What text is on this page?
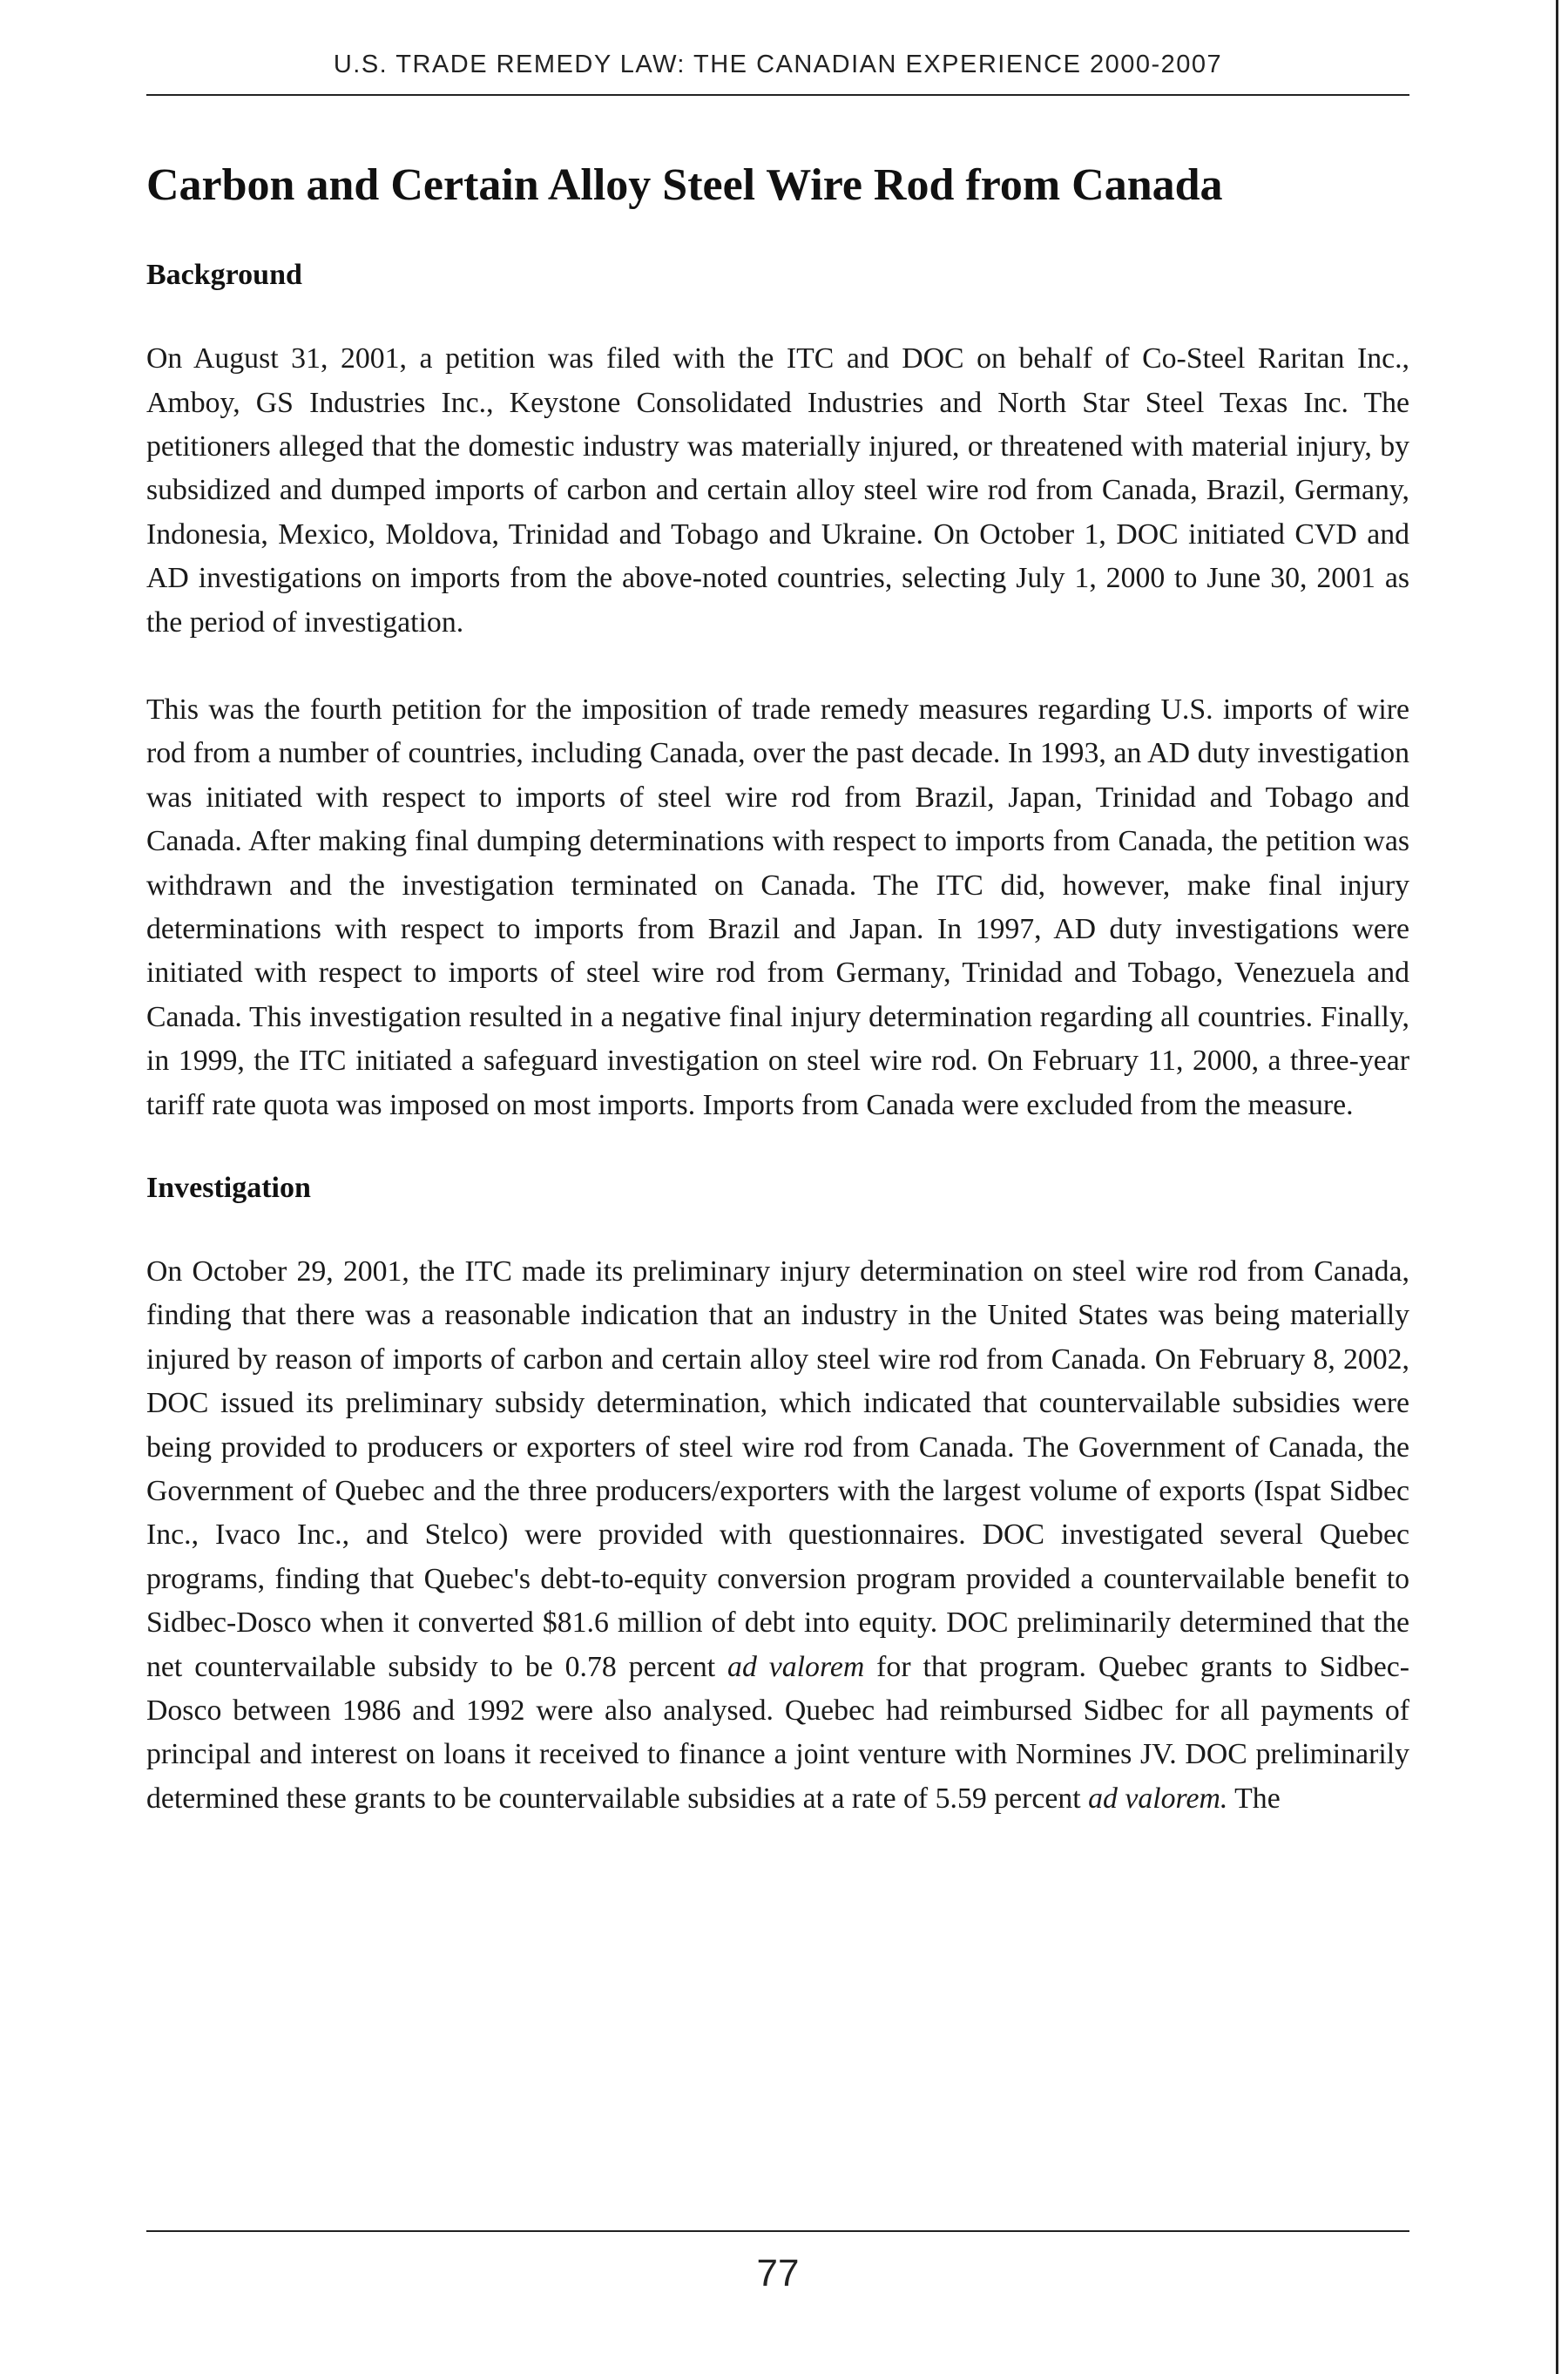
U.S. TRADE REMEDY LAW: THE CANADIAN EXPERIENCE 2000-2007
Carbon and Certain Alloy Steel Wire Rod from Canada
Background

On August 31, 2001, a petition was filed with the ITC and DOC on behalf of Co-Steel Raritan Inc., Amboy, GS Industries Inc., Keystone Consolidated Industries and North Star Steel Texas Inc. The petitioners alleged that the domestic industry was materially injured, or threatened with material injury, by subsidized and dumped imports of carbon and certain alloy steel wire rod from Canada, Brazil, Germany, Indonesia, Mexico, Moldova, Trinidad and Tobago and Ukraine. On October 1, DOC initiated CVD and AD investigations on imports from the above-noted countries, selecting July 1, 2000 to June 30, 2001 as the period of investigation.

This was the fourth petition for the imposition of trade remedy measures regarding U.S. imports of wire rod from a number of countries, including Canada, over the past decade. In 1993, an AD duty investigation was initiated with respect to imports of steel wire rod from Brazil, Japan, Trinidad and Tobago and Canada. After making final dumping determinations with respect to imports from Canada, the petition was withdrawn and the investigation terminated on Canada. The ITC did, however, make final injury determinations with respect to imports from Brazil and Japan. In 1997, AD duty investigations were initiated with respect to imports of steel wire rod from Germany, Trinidad and Tobago, Venezuela and Canada. This investigation resulted in a negative final injury determination regarding all countries. Finally, in 1999, the ITC initiated a safeguard investigation on steel wire rod. On February 11, 2000, a three-year tariff rate quota was imposed on most imports. Imports from Canada were excluded from the measure.

Investigation

On October 29, 2001, the ITC made its preliminary injury determination on steel wire rod from Canada, finding that there was a reasonable indication that an industry in the United States was being materially injured by reason of imports of carbon and certain alloy steel wire rod from Canada. On February 8, 2002, DOC issued its preliminary subsidy determination, which indicated that countervailable subsidies were being provided to producers or exporters of steel wire rod from Canada. The Government of Canada, the Government of Quebec and the three producers/exporters with the largest volume of exports (Ispat Sidbec Inc., Ivaco Inc., and Stelco) were provided with questionnaires. DOC investigated several Quebec programs, finding that Quebec's debt-to-equity conversion program provided a countervailable benefit to Sidbec-Dosco when it converted $81.6 million of debt into equity. DOC preliminarily determined that the net countervailable subsidy to be 0.78 percent ad valorem for that program. Quebec grants to Sidbec-Dosco between 1986 and 1992 were also analysed. Quebec had reimbursed Sidbec for all payments of principal and interest on loans it received to finance a joint venture with Normines JV. DOC preliminarily determined these grants to be countervailable subsidies at a rate of 5.59 percent ad valorem. The

77
